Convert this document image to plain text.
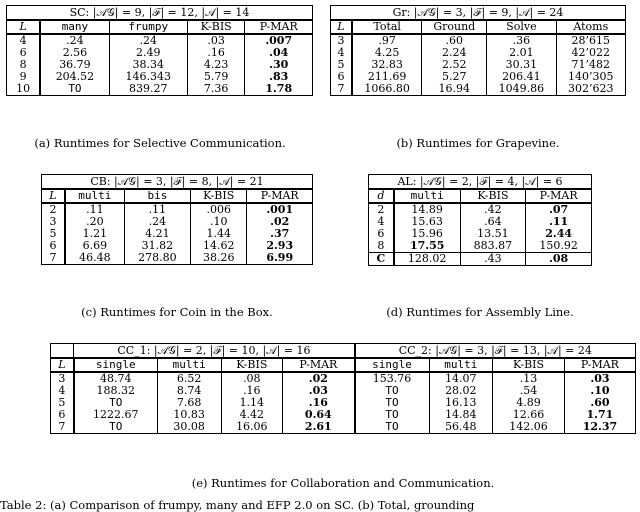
SC: |𝒜𝒢| = 9, |ℱ| = 12, |𝒜| = 14				
L	many	frumpy	K-BIS	P-MAR
4	.24	.24	.03	.007
6	2.56	2.49	.16	.04
8	36.79	38.34	4.23	.30
9	204.52	146.343	5.79	.83
10	TO	839.27	7.36	1.78
(a) Runtimes for Selective Communication.
Gr: |𝒜𝒢| = 3, |ℱ| = 9, |𝒜| = 24				
L	Total	Ground	Solve	Atoms
3	.97	.60	.36	28’615
4	4.25	2.24	2.01	42’022
5	32.83	2.52	30.31	71’482
6	211.69	5.27	206.41	140’305
7	1066.80	16.94	1049.86	302’623
(b) Runtimes for Grapevine.
CB: |𝒜𝒢| = 3, |ℱ| = 8, |𝒜| = 21				
L	multi	bis	K-BIS	P-MAR
2	.11	.11	.006	.001
3	.20	.24	.10	.02
5	1.21	4.21	1.44	.37
6	6.69	31.82	14.62	2.93
7	46.48	278.80	38.26	6.99
(c) Runtimes for Coin in the Box.
AL: |𝒜𝒢| = 2, |ℱ| = 4, |𝒜| = 6			
d	multi	K-BIS	P-MAR
2	14.89	.42	.07
4	15.63	.64	.11
6	15.96	13.51	2.44
8	17.55	883.87	150.92
C	128.02	.43	.08
(d) Runtimes for Assembly Line.
	CC_1: |𝒜𝒢| = 2, |ℱ| = 10, |𝒜| = 16				CC_2: |𝒜𝒢| = 3, |ℱ| = 13, |𝒜| = 24			
L	single	multi	K-BIS	P-MAR	single	multi	K-BIS	P-MAR
3	48.74	6.52	.08	.02	153.76	14.07	.13	.03
4	188.32	8.74	.16	.03	TO	28.02	.54	.10
5	TO	7.68	1.14	.16	TO	16.13	4.89	.60
6	1222.67	10.83	4.42	0.64	TO	14.84	12.66	1.71
7	TO	30.08	16.06	2.61	TO	56.48	142.06	12.37
(e) Runtimes for Collaboration and Communication.
Table 2: (a) Comparison of frumpy, many and EFP 2.0 on SC. (b) Total, grounding
